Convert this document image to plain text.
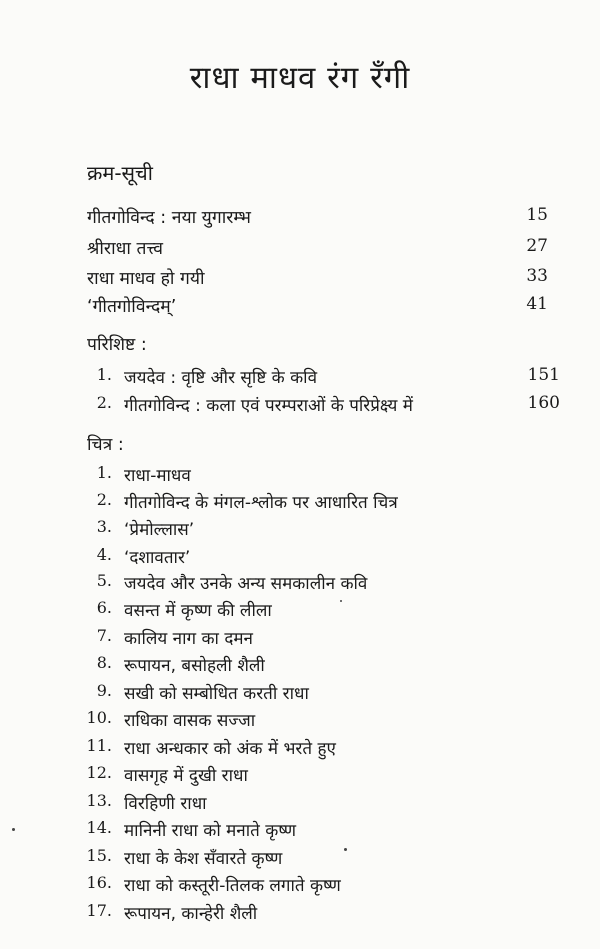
राधा माधव रंग रँगी
क्रम-सूची
गीतगोविन्द : नया युगारम्भ	15
श्रीराधा तत्त्व	27
राधा माधव हो गयी	33
‘गीतगोविन्दम्’	41
परिशिष्ट :
1. जयदेव : वृष्टि और सृष्टि के कवि	151
2. गीतगोविन्द : कला एवं परम्पराओं के परिप्रेक्ष्य में	160
चित्र :
1. राधा-माधव
2. गीतगोविन्द के मंगल-श्लोक पर आधारित चित्र
3. ‘प्रेमोल्लास’
4. ‘दशावतार’
5. जयदेव और उनके अन्य समकालीन कवि
6. वसन्त में कृष्ण की लीला
7. कालिय नाग का दमन
8. रूपायन, बसोहली शैली
9. सखी को सम्बोधित करती राधा
10. राधिका वासक सज्जा
11. राधा अन्धकार को अंक में भरते हुए
12. वासगृह में दुखी राधा
13. विरहिणी राधा
14. मानिनी राधा को मनाते कृष्ण
15. राधा के केश सँवारते कृष्ण
16. राधा को कस्तूरी-तिलक लगाते कृष्ण
17. रूपायन, कान्हेरी शैली
